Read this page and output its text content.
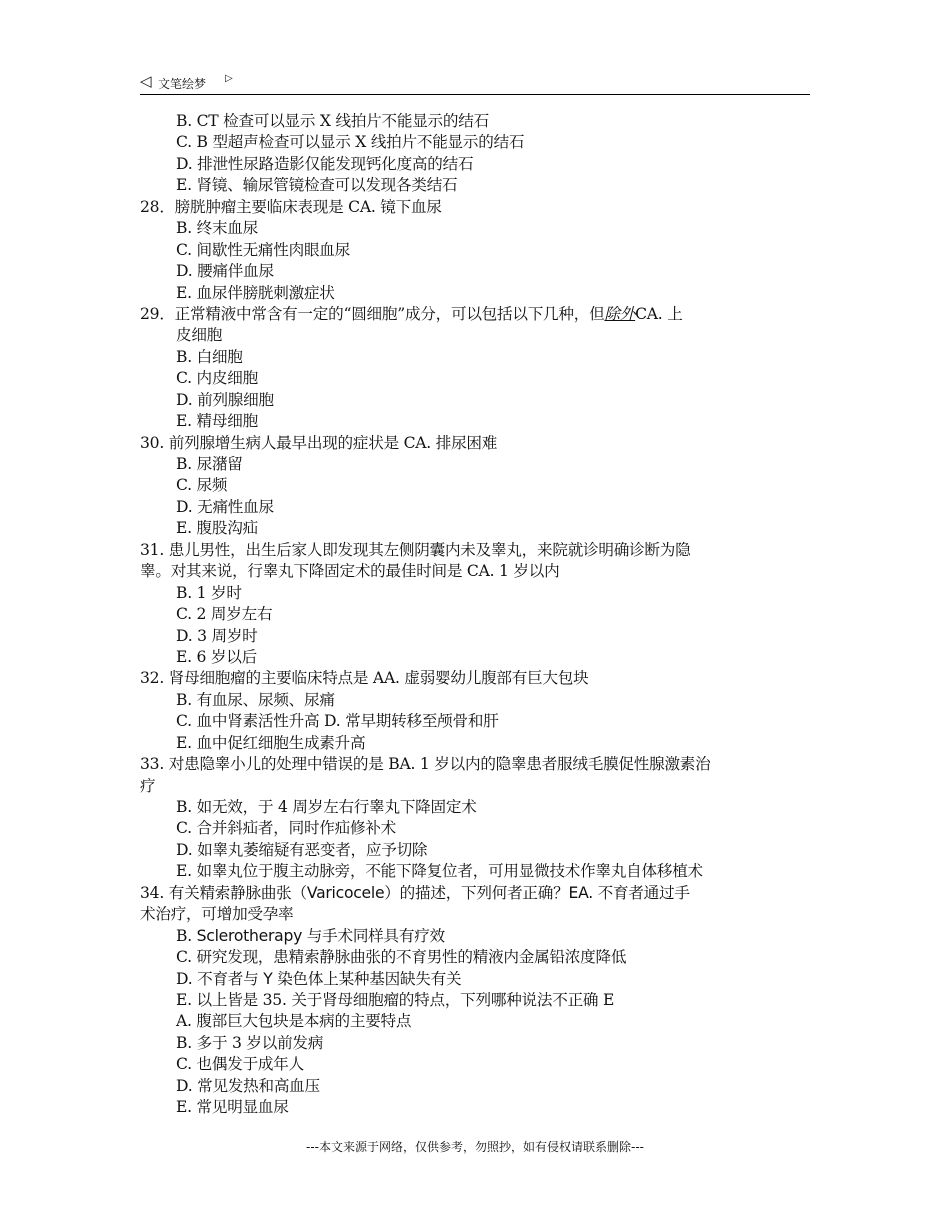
◁ 文笔绘梦 ▷
B. CT 检查可以显示 X 线拍片不能显示的结石
C. B 型超声检查可以显示 X 线拍片不能显示的结石
D. 排泄性尿路造影仅能发现钙化度高的结石
E. 肾镜、输尿管镜检查可以发现各类结石
28．膀胱肿瘤主要临床表现是 CA. 镜下血尿
B. 终末血尿
C. 间歇性无痛性肉眼血尿
D. 腰痛伴血尿
E. 血尿伴膀胱刺激症状
29．正常精液中常含有一定的“圆细胞”成分，可以包括以下几种，但除外CA. 上
皮细胞
B. 白细胞
C. 内皮细胞
D. 前列腺细胞
E. 精母细胞
30. 前列腺增生病人最早出现的症状是 CA. 排尿困难
B. 尿潴留
C. 尿频
D. 无痛性血尿
E. 腹股沟疝
31. 患儿男性，出生后家人即发现其左侧阴囊内未及睾丸，来院就诊明确诊断为隐
睾。对其来说，行睾丸下降固定术的最佳时间是 CA. 1 岁以内
B. 1 岁时
C. 2 周岁左右
D. 3 周岁时
E. 6 岁以后
32. 肾母细胞瘤的主要临床特点是 AA. 虚弱婴幼儿腹部有巨大包块
B. 有血尿、尿频、尿痛
C. 血中肾素活性升高 D. 常早期转移至颅骨和肝
E. 血中促红细胞生成素升高
33. 对患隐睾小儿的处理中错误的是 BA. 1 岁以内的隐睾患者服绒毛膜促性腺激素治
疗
B. 如无效，于 4 周岁左右行睾丸下降固定术
C. 合并斜疝者，同时作疝修补术
D. 如睾丸萎缩疑有恶变者，应予切除
E. 如睾丸位于腹主动脉旁，不能下降复位者，可用显微技术作睾丸自体移植术
34. 有关精索静脉曲张（Varicocele）的描述，下列何者正确？EA. 不育者通过手
术治疗，可增加受孕率
B. Sclerotherapy 与手术同样具有疗效
C. 研究发现，患精索静脉曲张的不育男性的精液内金属铅浓度降低
D. 不育者与 Y 染色体上某种基因缺失有关
E. 以上皆是 35. 关于肾母细胞瘤的特点，下列哪种说法不正确 E
A. 腹部巨大包块是本病的主要特点
B. 多于 3 岁以前发病
C. 也偶发于成年人
D. 常见发热和高血压
E. 常见明显血尿
---本文来源于网络，仅供参考，勿照抄，如有侵权请联系删除---
